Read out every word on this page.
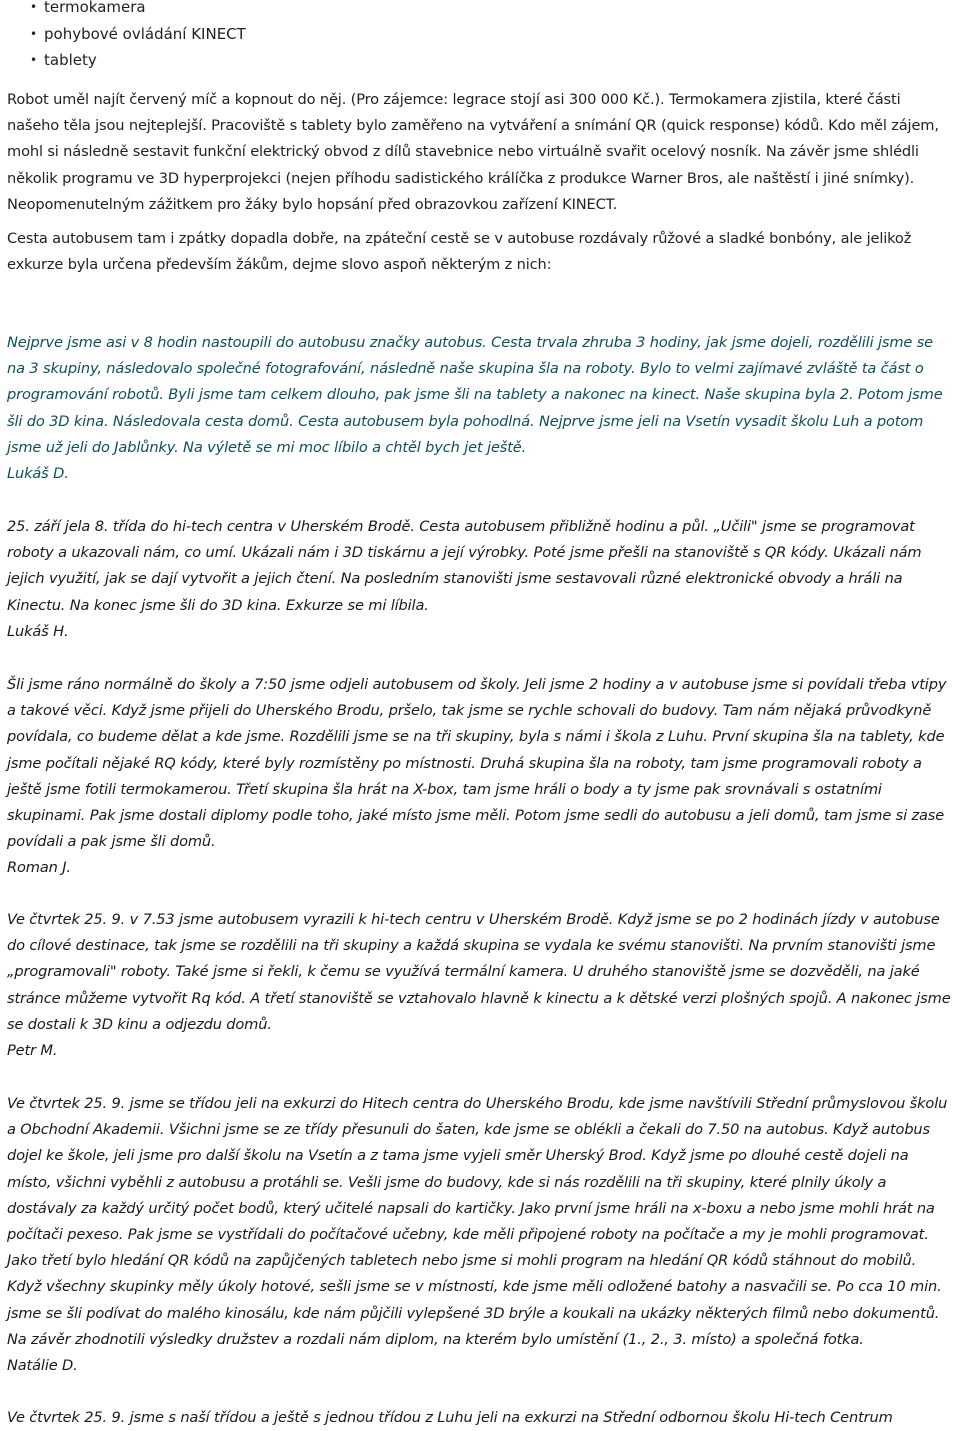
• termokamera
• pohybové ovládání KINECT
• tablety

Robot uměl najít červený míč a kopnout do něj. (Pro zájemce: legrace stojí asi 300 000 Kč.). Termokamera zjistila, které části našeho těla jsou nejteplejší. Pracoviště s tablety bylo zaměřeno na vytváření a snímání QR (quick response) kódů. Kdo měl zájem, mohl si následně sestavit funkční elektrický obvod z dílů stavebnice nebo virtuálně svařit ocelový nosník. Na závěr jsme shlédli několik programu ve 3D hyperprojekci (nejen příhodu sadistického králíčka z produkce Warner Bros, ale naštěstí i jiné snímky). Neopomenutelným zážitkem pro žáky bylo hopsání před obrazovkou zařízení KINECT.

Cesta autobusem tam i zpátky dopadla dobře, na zpáteční cestě se v autobuse rozdávaly růžové a sladké bonbóny, ale jelikož exkurze byla určena především žákům, dejme slovo aspoň některým z nich:

Nejprve jsme asi v 8 hodin nastoupili do autobusu značky autobus. Cesta trvala zhruba 3 hodiny, jak jsme dojeli, rozdělili jsme se na 3 skupiny, následovalo společné fotografování, následně naše skupina šla na roboty. Bylo to velmi zajímavé zvláště ta část o programování robotů. Byli jsme tam celkem dlouho, pak jsme šli na tablety a nakonec na kinect. Naše skupina byla 2. Potom jsme šli do 3D kina. Následovala cesta domů. Cesta autobusem byla pohodlná. Nejprve jsme jeli na Vsetín vysadit školu Luh a potom jsme už jeli do Jablůnky. Na výletě se mi moc líbilo a chtěl bych jet ještě.
Lukáš D.
25. září jela 8. třída do hi-tech centra v Uherském Brodě. Cesta autobusem přibližně hodinu a půl. „Učili" jsme se programovat roboty a ukazovali nám, co umí. Ukázali nám i 3D tiskárnu a její výrobky. Poté jsme přešli na stanoviště s QR kódy. Ukázali nám jejich využití, jak se dají vytvořit a jejich čtení. Na posledním stanovišti jsme sestavovali různé elektronické obvody a hráli na Kinectu. Na konec jsme šli do 3D kina. Exkurze se mi líbila.
Lukáš H.
Šli jsme ráno normálně do školy a 7:50 jsme odjeli autobusem od školy. Jeli jsme 2 hodiny a v autobuse jsme si povídali třeba vtipy a takové věci. Když jsme přijeli do Uherského Brodu, pršelo, tak jsme se rychle schovali do budovy. Tam nám nějaká průvodkyně povídala, co budeme dělat a kde jsme. Rozdělili jsme se na tři skupiny, byla s námi i škola z Luhu. První skupina šla na tablety, kde jsme počítali nějaké RQ kódy, které byly rozmístěny po místnosti. Druhá skupina šla na roboty, tam jsme programovali roboty a ještě jsme fotili termokamerou. Třetí skupina šla hrát na X-box, tam jsme hráli o body a ty jsme pak srovnávali s ostatními skupinami. Pak jsme dostali diplomy podle toho, jaké místo jsme měli. Potom jsme sedli do autobusu a jeli domů, tam jsme si zase povídali a pak jsme šli domů.
Roman J.
Ve čtvrtek 25. 9. v 7.53 jsme autobusem vyrazili k hi-tech centru v Uherském Brodě. Když jsme se po 2 hodinách jízdy v autobuse do cílové destinace, tak jsme se rozdělili na tři skupiny a každá skupina se vydala ke svému stanovišti. Na prvním stanovišti jsme „programovali" roboty. Také jsme si řekli, k čemu se využívá termální kamera. U druhého stanoviště jsme se dozvěděli, na jaké stránce můžeme vytvořit Rq kód. A třetí stanoviště se vztahovalo hlavně k kinectu a k dětské verzi plošných spojů. A nakonec jsme se dostali k 3D kinu a odjezdu domů.
Petr M.
Ve čtvrtek 25. 9. jsme se třídou jeli na exkurzi do Hitech centra do Uherského Brodu, kde jsme navštívili Střední průmyslovou školu a Obchodní Akademii. Všichni jsme se ze třídy přesunuli do šaten, kde jsme se oblékli a čekali do 7.50 na autobus. Když autobus dojel ke škole, jeli jsme pro další školu na Vsetín a z tama jsme vyjeli směr Uherský Brod. Když jsme po dlouhé cestě dojeli na místo, všichni vyběhli z autobusu a protáhli se. Vešli jsme do budovy, kde si nás rozdělili na tři skupiny, které plnily úkoly a dostávaly za každý určitý počet bodů, který učitelé napsali do kartičky. Jako první jsme hráli na x-boxu a nebo jsme mohli hrát na počítači pexeso. Pak jsme se vystřídali do počítačové učebny, kde měli připojené roboty na počítače a my je mohli programovat. Jako třetí bylo hledání QR kódů na zapůjčených tabletech nebo jsme si mohli program na hledání QR kódů stáhnout do mobilů. Když všechny skupinky měly úkoly hotové, sešli jsme se v místnosti, kde jsme měli odložené batohy a nasvačili se. Po cca 10 min. jsme se šli podívat do malého kinosálu, kde nám půjčili vylepšené 3D brýle a koukali na ukázky některých filmů nebo dokumentů. Na závěr zhodnotili výsledky družstev a rozdali nám diplom, na kterém bylo umístění (1., 2., 3. místo) a společná fotka.
Natálie D.
Ve čtvrtek 25. 9. jsme s naší třídou a ještě s jednou třídou z Luhu jeli na exkurzi na Střední odbornou školu Hi-tech Centrum
